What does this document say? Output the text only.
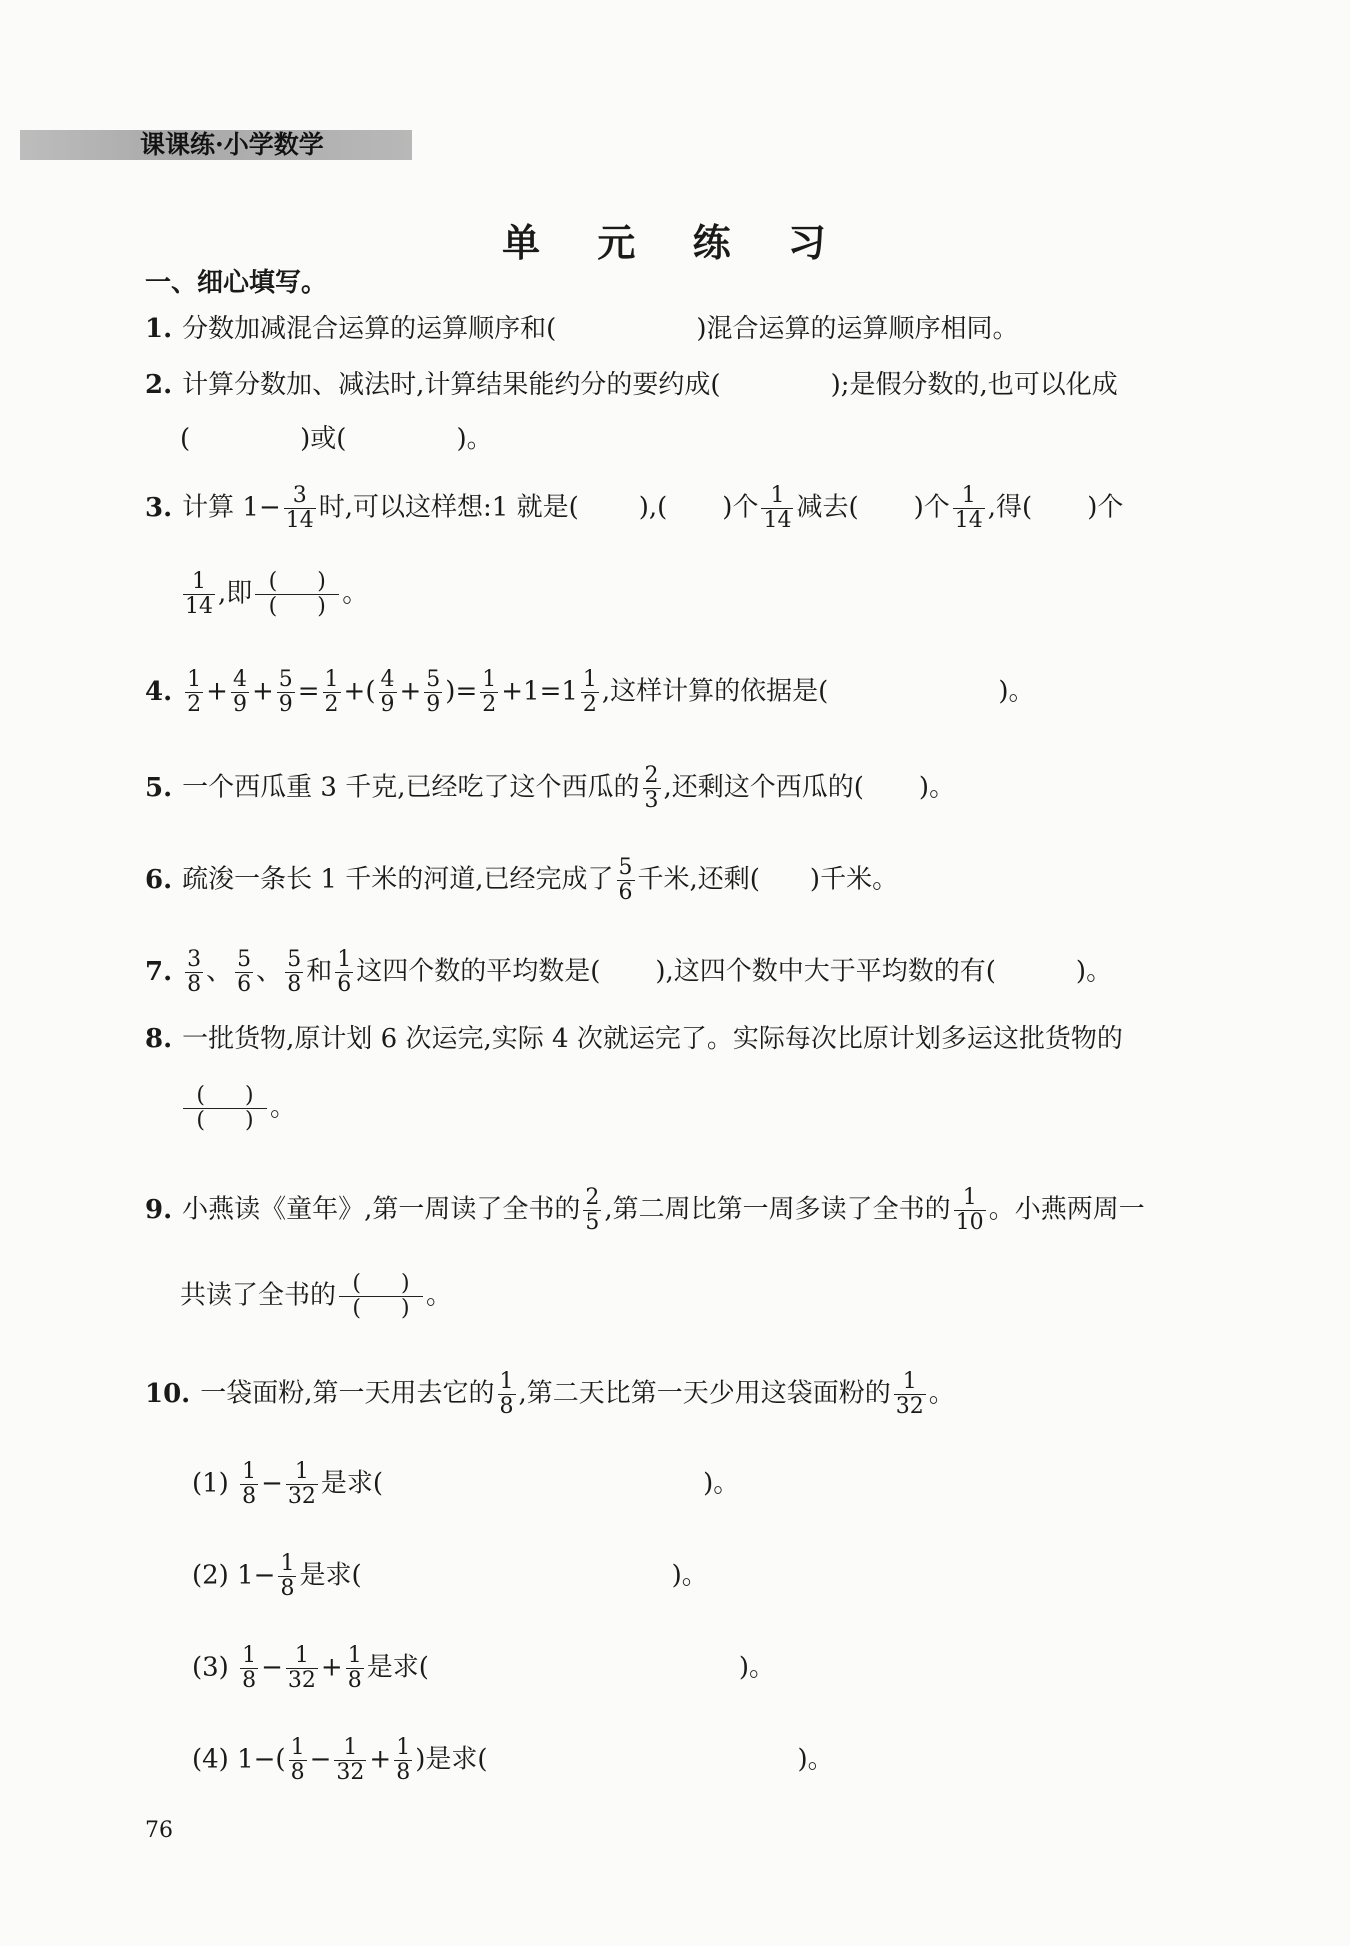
课课练·小学数学
单 元 练 习
一、细心填写。
1. 分数加减混合运算的运算顺序和(	)混合运算的运算顺序相同。
2. 计算分数加、减法时,计算结果能约分的要约成(	);是假分数的,也可以化成
(	)或(	)。
3. 计算 $1- \frac{3}{14}$ 时,可以这样想:1 就是( ),( )个 $\frac{1}{14}$ 减去( )个 $\frac{1}{14}$ ,得( )个
$\frac{1}{14}$ ,即 $\frac{( )}{( )}$ 。
4. $\frac{1}{2} + \frac{4}{9} + \frac{5}{9} = \frac{1}{2}$ +( $\frac{4}{9} + \frac{5}{9}$ )= $\frac{1}{2} +1=1 \frac{1}{2}$ ,这样计算的依据是(	)。
5. 一个西瓜重 3 千克,已经吃了这个西瓜的 $\frac{2}{3}$ ,还剩这个西瓜的( )。
6. 疏浚一条长 1 千米的河道,已经完成了 $\frac{5}{6}$ 千米,还剩( )千米。
7. $\frac{3}{8}$ 、 $\frac{5}{6}$ 、 $\frac{5}{8}$ 和 $\frac{1}{6}$ 这四个数的平均数是( ),这四个数中大于平均数的有(	)。
8. 一批货物,原计划 6 次运完,实际 4 次就运完了。实际每次比原计划多运这批货物的
$\frac{( )}{( )}$ 。
9. 小燕读《童年》,第一周读了全书的 $\frac{2}{5}$ ,第二周比第一周多读了全书的 $\frac{1}{10}$ 。小燕两周一
共读了全书的 $\frac{( )}{( )}$ 。
10. 一袋面粉,第一天用去它的 $\frac{1}{8}$ ,第二天比第一天少用这袋面粉的 $\frac{1}{32}$ 。
$(1) \frac{1}{8} - \frac{1}{32}$ 是求(	)。
(2) $1- \frac{1}{8}$ 是求(	)。
$(3) \frac{1}{8} - \frac{1}{32} + \frac{1}{8}$ 是求(	)。
(4) $1-( \frac{1}{8} - \frac{1}{32} + \frac{1}{8}$ )是求(	)。
76
